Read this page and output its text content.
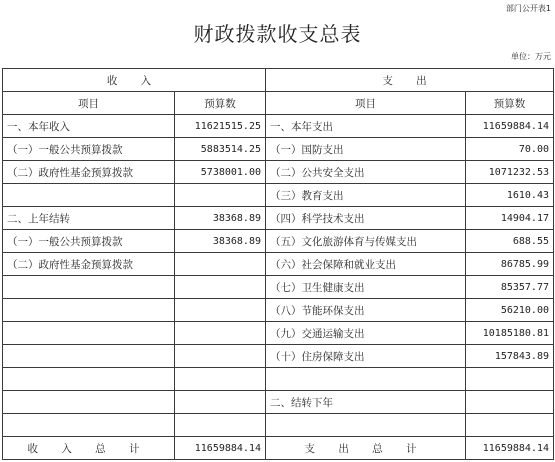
部门公开表1
财政拨款收支总表
单位：万元
收 入		支 出	
项目	预算数	项目	预算数
一、本年收入	11621515.25	一、本年支出	11659884.14
（一）一般公共预算拨款	5883514.25	（一）国防支出	70.00
（二）政府性基金预算拨款	5738001.00	（二）公共安全支出	1071232.53
		（三）教育支出	1610.43
二、上年结转	38368.89	（四）科学技术支出	14904.17
（一）一般公共预算拨款	38368.89	（五）文化旅游体育与传媒支出	688.55
（二）政府性基金预算拨款		（六）社会保障和就业支出	86785.99
		（七）卫生健康支出	85357.77
		（八）节能环保支出	56210.00
		（九）交通运输支出	10185180.81
		（十）住房保障支出	157843.89

		二、结转下年	

收 入 总 计	11659884.14	支 出 总 计	11659884.14
